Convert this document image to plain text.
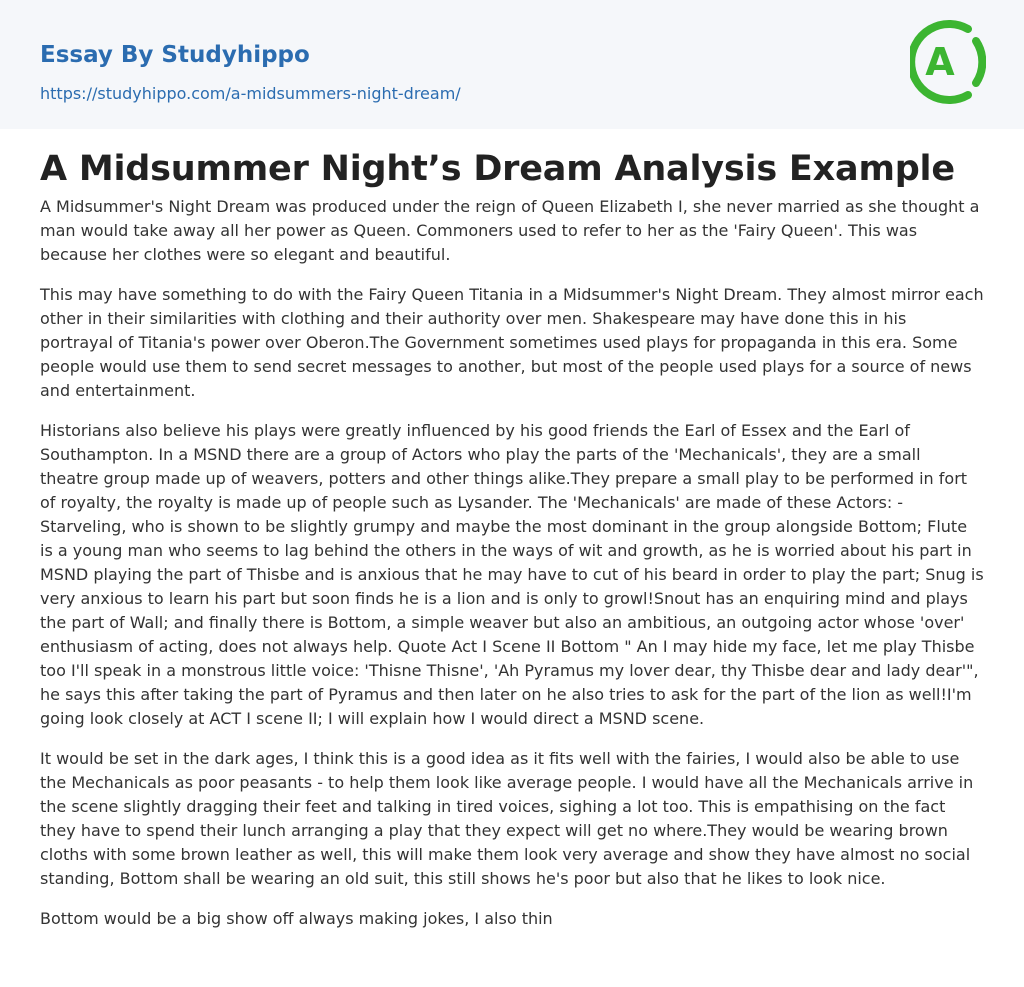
Essay By Studyhippo
https://studyhippo.com/a-midsummers-night-dream/
A
A Midsummer Night’s Dream Analysis Example

A Midsummer's Night Dream was produced under the reign of Queen Elizabeth I, she never married as she thought a man would take away all her power as Queen. Commoners used to refer to her as the 'Fairy Queen'. This was because her clothes were so elegant and beautiful.

This may have something to do with the Fairy Queen Titania in a Midsummer's Night Dream. They almost mirror each other in their similarities with clothing and their authority over men. Shakespeare may have done this in his portrayal of Titania's power over Oberon.The Government sometimes used plays for propaganda in this era. Some people would use them to send secret messages to another, but most of the people used plays for a source of news and entertainment.

Historians also believe his plays were greatly influenced by his good friends the Earl of Essex and the Earl of Southampton. In a MSND there are a group of Actors who play the parts of the 'Mechanicals', they are a small theatre group made up of weavers, potters and other things alike.They prepare a small play to be performed in fort of royalty, the royalty is made up of people such as Lysander. The 'Mechanicals' are made of these Actors: - Starveling, who is shown to be slightly grumpy and maybe the most dominant in the group alongside Bottom; Flute is a young man who seems to lag behind the others in the ways of wit and growth, as he is worried about his part in MSND playing the part of Thisbe and is anxious that he may have to cut of his beard in order to play the part; Snug is very anxious to learn his part but soon finds he is a lion and is only to growl!Snout has an enquiring mind and plays the part of Wall; and finally there is Bottom, a simple weaver but also an ambitious, an outgoing actor whose 'over' enthusiasm of acting, does not always help. Quote Act I Scene II Bottom " An I may hide my face, let me play Thisbe too I'll speak in a monstrous little voice: 'Thisne Thisne', 'Ah Pyramus my lover dear, thy Thisbe dear and lady dear'", he says this after taking the part of Pyramus and then later on he also tries to ask for the part of the lion as well!I'm going look closely at ACT I scene II; I will explain how I would direct a MSND scene.

It would be set in the dark ages, I think this is a good idea as it fits well with the fairies, I would also be able to use the Mechanicals as poor peasants - to help them look like average people. I would have all the Mechanicals arrive in the scene slightly dragging their feet and talking in tired voices, sighing a lot too. This is empathising on the fact they have to spend their lunch arranging a play that they expect will get no where.They would be wearing brown cloths with some brown leather as well, this will make them look very average and show they have almost no social standing, Bottom shall be wearing an old suit, this still shows he's poor but also that he likes to look nice.

Bottom would be a big show off always making jokes, I also thin
